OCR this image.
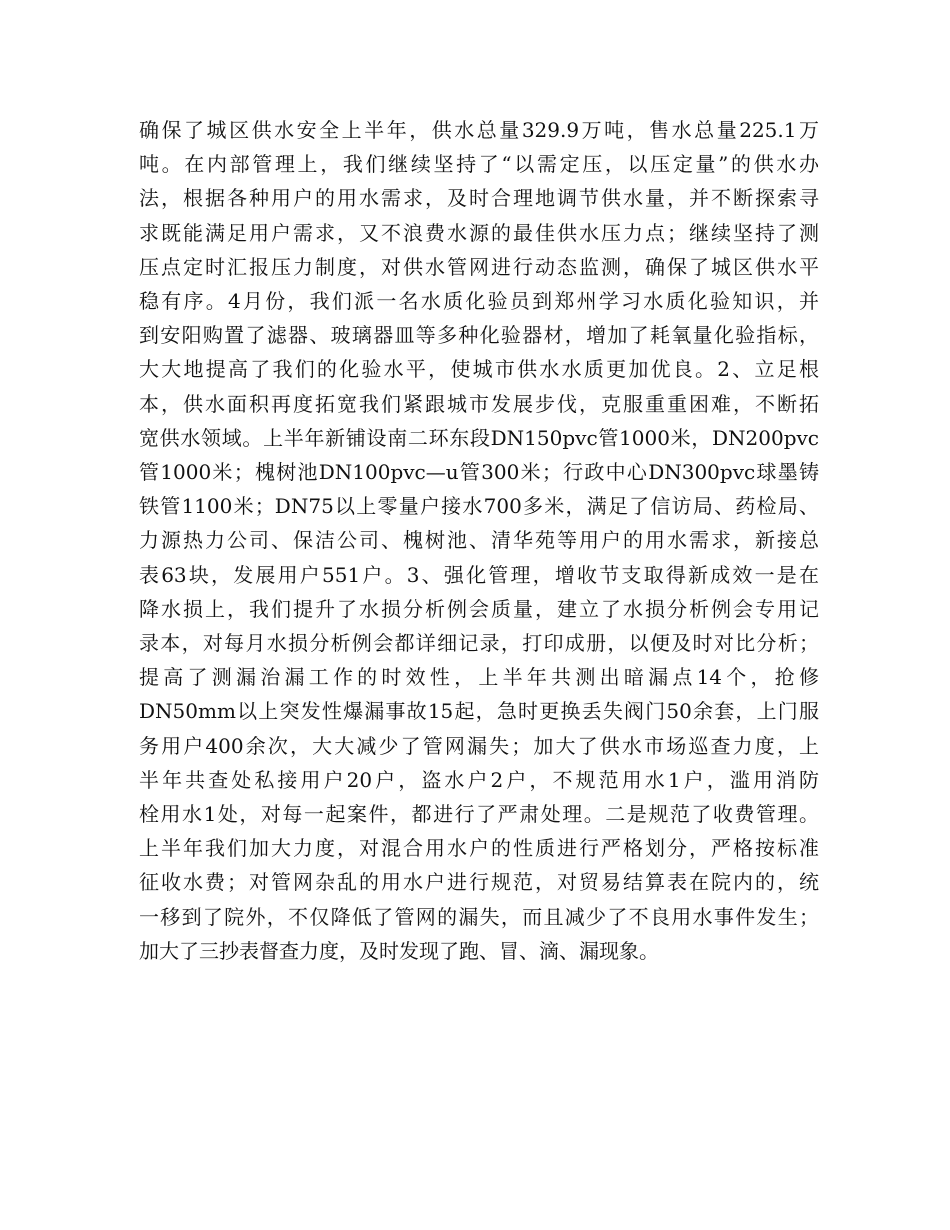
确保了城区供水安全上半年，供水总量329.9万吨，售水总量225.1万
吨。在内部管理上，我们继续坚持了“以需定压，以压定量”的供水办
法，根据各种用户的用水需求，及时合理地调节供水量，并不断探索寻
求既能满足用户需求，又不浪费水源的最佳供水压力点；继续坚持了测
压点定时汇报压力制度，对供水管网进行动态监测，确保了城区供水平
稳有序。4月份，我们派一名水质化验员到郑州学习水质化验知识，并
到安阳购置了滤器、玻璃器皿等多种化验器材，增加了耗氧量化验指标，
大大地提高了我们的化验水平，使城市供水水质更加优良。2、立足根
本，供水面积再度拓宽我们紧跟城市发展步伐，克服重重困难，不断拓
宽供水领域。上半年新铺设南二环东段DN150pvc管1000米，DN200pvc
管1000米；槐树池DN100pvc—u管300米；行政中心DN300pvc球墨铸
铁管1100米；DN75以上零量户接水700多米，满足了信访局、药检局、
力源热力公司、保洁公司、槐树池、清华苑等用户的用水需求，新接总
表63块，发展用户551户。3、强化管理，增收节支取得新成效一是在
降水损上，我们提升了水损分析例会质量，建立了水损分析例会专用记
录本，对每月水损分析例会都详细记录，打印成册，以便及时对比分析；
提高了测漏治漏工作的时效性，上半年共测出暗漏点14个，抢修
DN50mm以上突发性爆漏事故15起，急时更换丢失阀门50余套，上门服
务用户400余次，大大减少了管网漏失；加大了供水市场巡查力度，上
半年共查处私接用户20户，盗水户2户，不规范用水1户，滥用消防
栓用水1处，对每一起案件，都进行了严肃处理。二是规范了收费管理。
上半年我们加大力度，对混合用水户的性质进行严格划分，严格按标准
征收水费；对管网杂乱的用水户进行规范，对贸易结算表在院内的，统
一移到了院外，不仅降低了管网的漏失，而且减少了不良用水事件发生；
加大了三抄表督查力度，及时发现了跑、冒、滴、漏现象。
